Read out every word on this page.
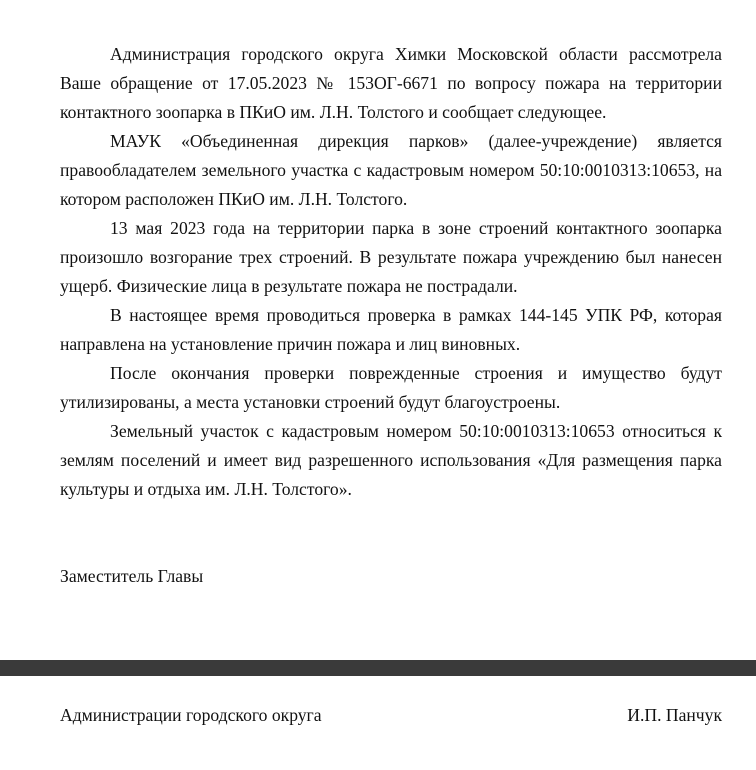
Администрация городского округа Химки Московской области рассмотрела Ваше обращение от 17.05.2023 № 153ОГ-6671 по вопросу пожара на территории контактного зоопарка в ПКиО им. Л.Н. Толстого и сообщает следующее.

МАУК «Объединенная дирекция парков» (далее-учреждение) является правообладателем земельного участка с кадастровым номером 50:10:0010313:10653, на котором расположен ПКиО им. Л.Н. Толстого.

13 мая 2023 года на территории парка в зоне строений контактного зоопарка произошло возгорание трех строений. В результате пожара учреждению был нанесен ущерб. Физические лица в результате пожара не пострадали.

В настоящее время проводиться проверка в рамках 144-145 УПК РФ, которая направлена на установление причин пожара и лиц виновных.

После окончания проверки поврежденные строения и имущество будут утилизированы, а места установки строений будут благоустроены.

Земельный участок с кадастровым номером 50:10:0010313:10653 относиться к землям поселений и имеет вид разрешенного использования «Для размещения парка культуры и отдыха им. Л.Н. Толстого».

Заместитель Главы

Администрации городского округа	И.П. Панчук
